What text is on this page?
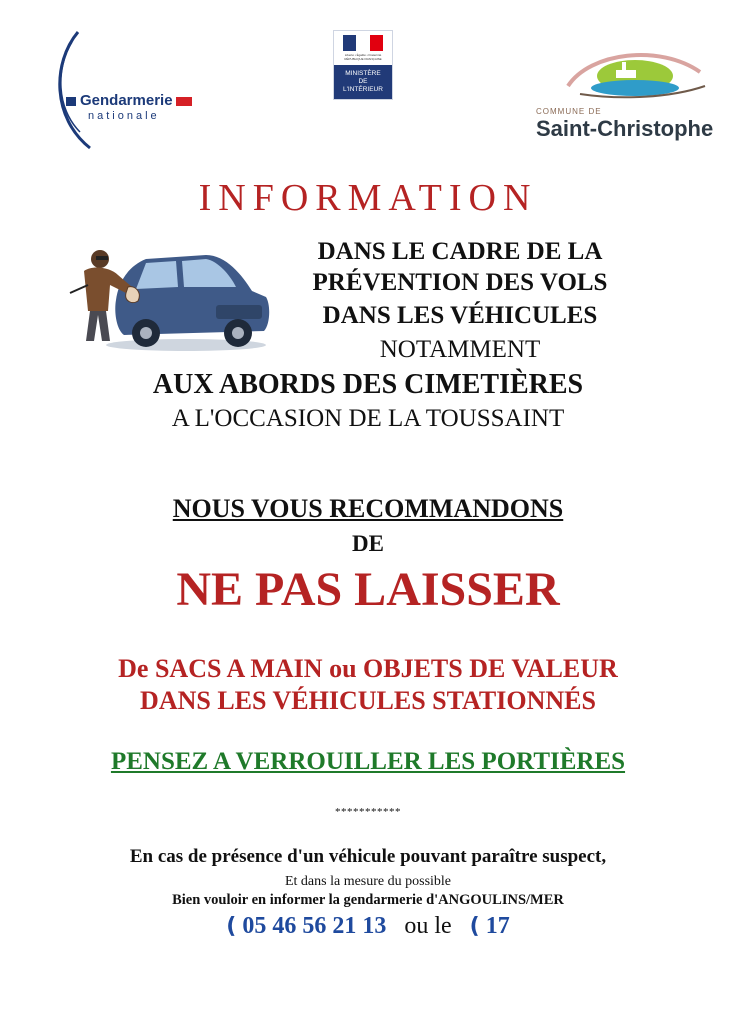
Gendarmerie
nationale
Liberté • Égalité • Fraternité RÉPUBLIQUE FRANÇAISE
MINISTÈRE
DE
L'INTÉRIEUR
COMMUNE DE
Saint-Christophe
INFORMATION
DANS LE CADRE DE LA
PRÉVENTION DES VOLS
DANS LES VÉHICULES
NOTAMMENT
AUX ABORDS DES CIMETIÈRES
A L'OCCASION DE LA TOUSSAINT
NOUS VOUS RECOMMANDONS
DE
NE PAS LAISSER
De SACS A MAIN ou OBJETS DE VALEUR
DANS LES VÉHICULES STATIONNÉS
PENSEZ A VERROUILLER LES PORTIÈRES
***********
En cas de présence d'un véhicule pouvant paraître suspect,
Et dans la mesure du possible
Bien vouloir en informer la gendarmerie d'ANGOULINS/MER
( 05 46 56 21 13 ou le ( 17
